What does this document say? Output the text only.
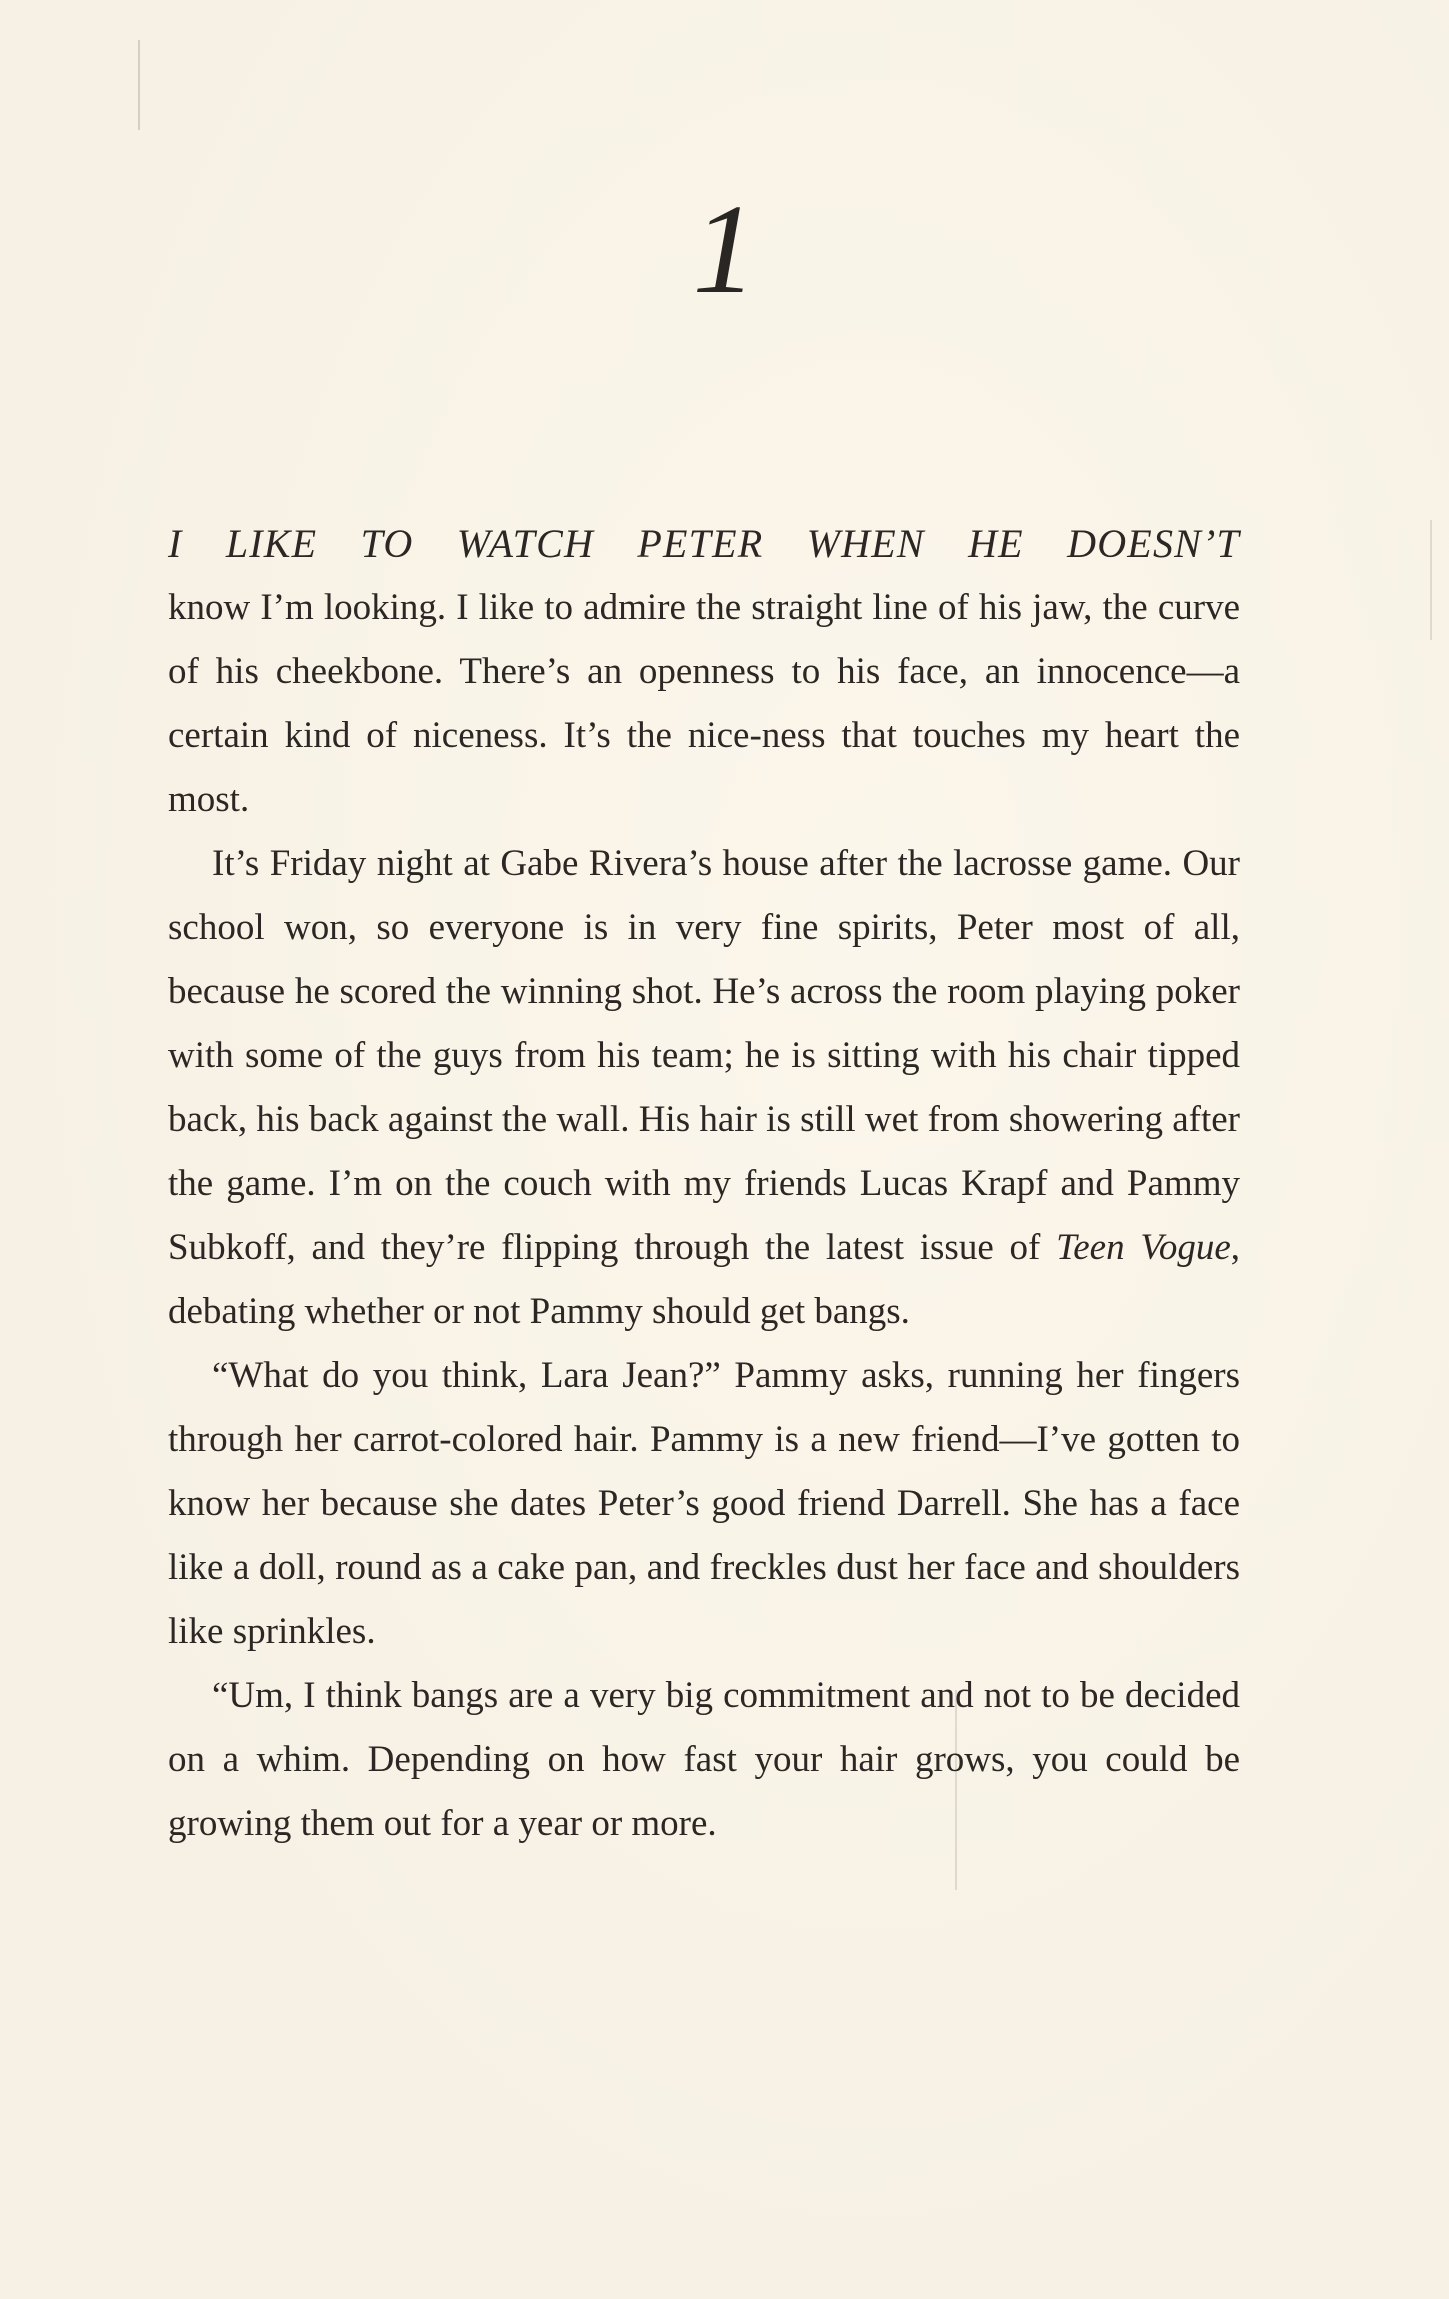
1

I LIKE TO WATCH PETER WHEN HE DOESN’T
know I’m looking. I like to admire the straight line of his jaw, the curve of his cheekbone. There’s an openness to his face, an innocence—a certain kind of niceness. It’s the nice-ness that touches my heart the most.

It’s Friday night at Gabe Rivera’s house after the lacrosse game. Our school won, so everyone is in very fine spirits, Peter most of all, because he scored the winning shot. He’s across the room playing poker with some of the guys from his team; he is sitting with his chair tipped back, his back against the wall. His hair is still wet from showering after the game. I’m on the couch with my friends Lucas Krapf and Pammy Subkoff, and they’re flipping through the latest issue of Teen Vogue, debating whether or not Pammy should get bangs.

“What do you think, Lara Jean?” Pammy asks, running her fingers through her carrot-colored hair. Pammy is a new friend—I’ve gotten to know her because she dates Peter’s good friend Darrell. She has a face like a doll, round as a cake pan, and freckles dust her face and shoulders like sprinkles.

“Um, I think bangs are a very big commitment and not to be decided on a whim. Depending on how fast your hair grows, you could be growing them out for a year or more.
